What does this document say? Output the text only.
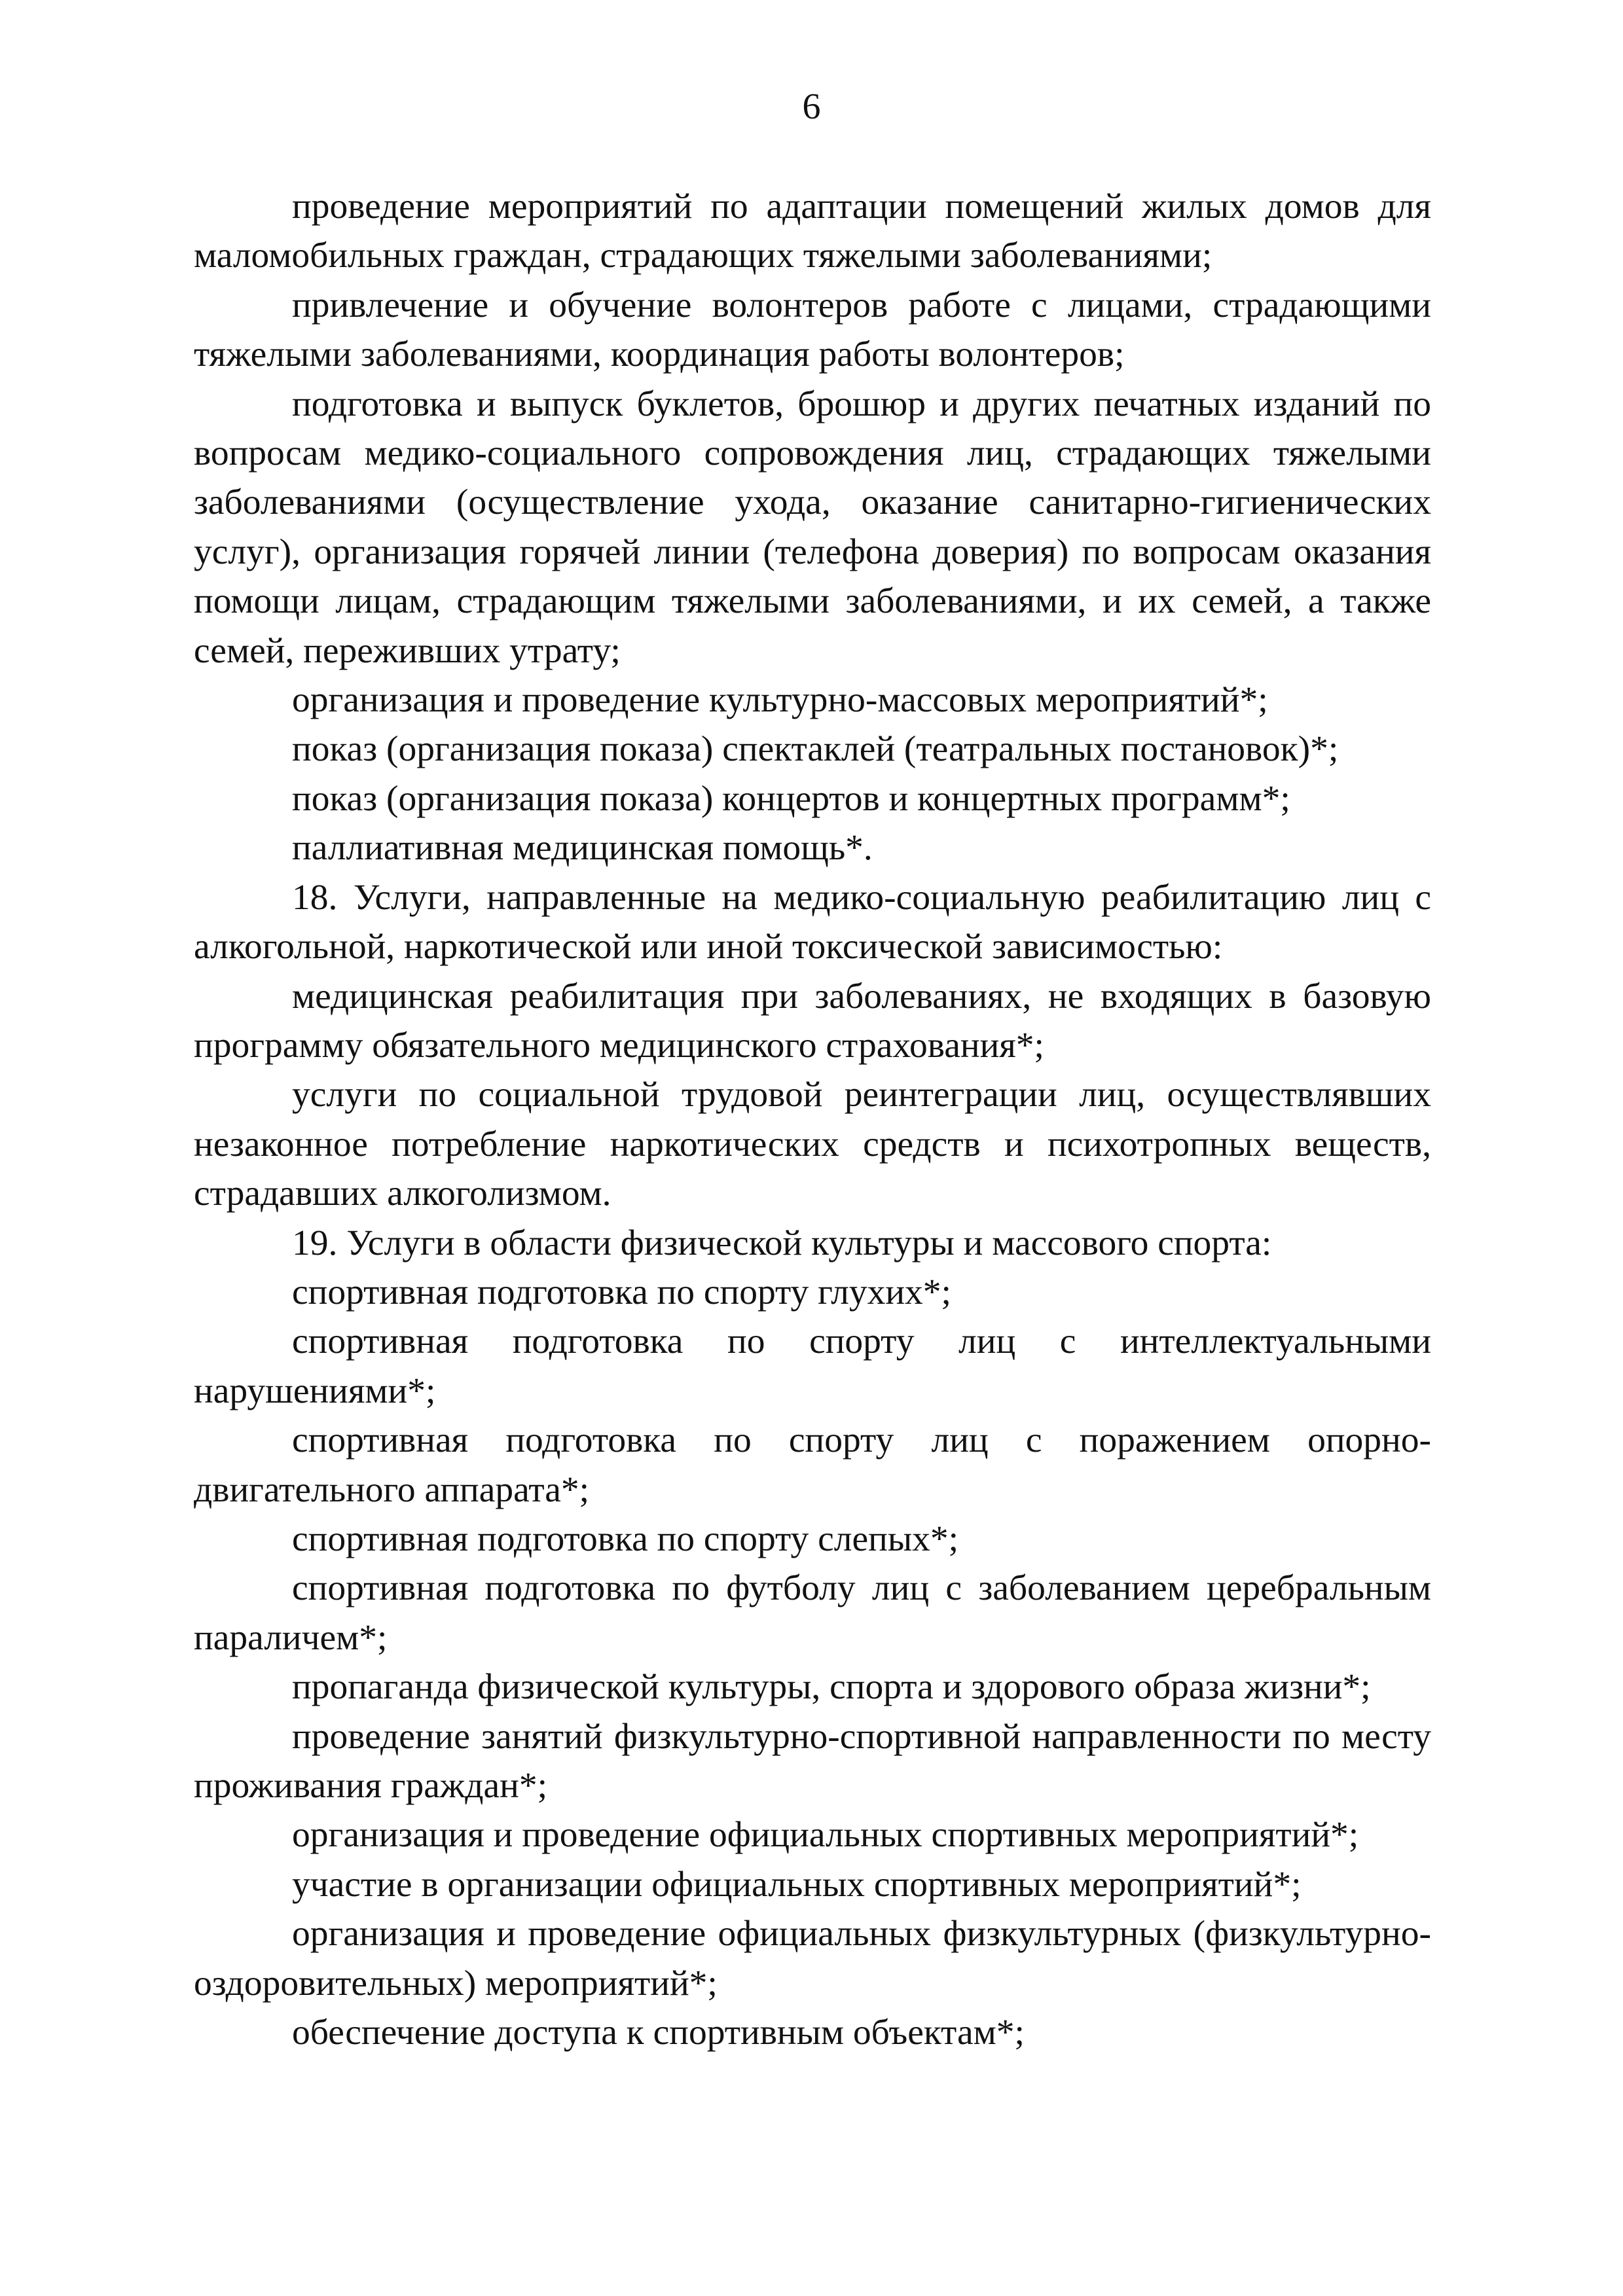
6

проведение мероприятий по адаптации помещений жилых домов для маломобильных граждан, страдающих тяжелыми заболеваниями;

привлечение и обучение волонтеров работе с лицами, страдающими тяжелыми заболеваниями, координация работы волонтеров;

подготовка и выпуск буклетов, брошюр и других печатных изданий по вопросам медико-социального сопровождения лиц, страдающих тяжелыми заболеваниями (осуществление ухода, оказание санитарно-гигиенических услуг), организация горячей линии (телефона доверия) по вопросам оказания помощи лицам, страдающим тяжелыми заболеваниями, и их семей, а также семей, переживших утрату;

организация и проведение культурно-массовых мероприятий*;

показ (организация показа) спектаклей (театральных постановок)*;

показ (организация показа) концертов и концертных программ*;

паллиативная медицинская помощь*.

18. Услуги, направленные на медико-социальную реабилитацию лиц с алкогольной, наркотической или иной токсической зависимостью:

медицинская реабилитация при заболеваниях, не входящих в базовую программу обязательного медицинского страхования*;

услуги по социальной трудовой реинтеграции лиц, осуществлявших незаконное потребление наркотических средств и психотропных веществ, страдавших алкоголизмом.

19. Услуги в области физической культуры и массового спорта:

спортивная подготовка по спорту глухих*;

спортивная подготовка по спорту лиц с интеллектуальными нарушениями*;

спортивная подготовка по спорту лиц с поражением опорно-двигательного аппарата*;

спортивная подготовка по спорту слепых*;

спортивная подготовка по футболу лиц с заболеванием церебральным параличем*;

пропаганда физической культуры, спорта и здорового образа жизни*;

проведение занятий физкультурно-спортивной направленности по месту проживания граждан*;

организация и проведение официальных спортивных мероприятий*;

участие в организации официальных спортивных мероприятий*;

организация и проведение официальных физкультурных (физкультурно-оздоровительных) мероприятий*;

обеспечение доступа к спортивным объектам*;
